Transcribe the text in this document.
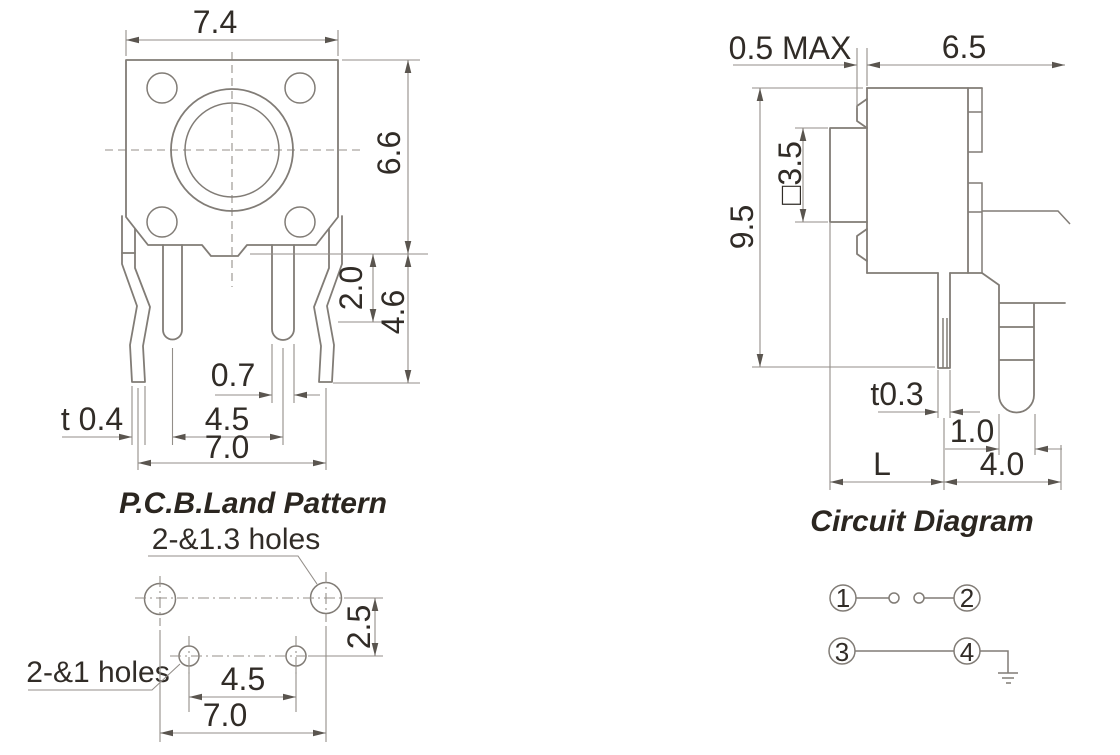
7.4
6.6
2.0
4.6
0.7
4.5
t 0.4
7.0
0.5 MAX	6.5
9.5
□3.5
t0.3
1.0
L	4.0
P.C.B.Land Pattern
2-&1.3 holes
2-&1 holes
2.5
4.5
7.0
Circuit Diagram
1	2
3	4
